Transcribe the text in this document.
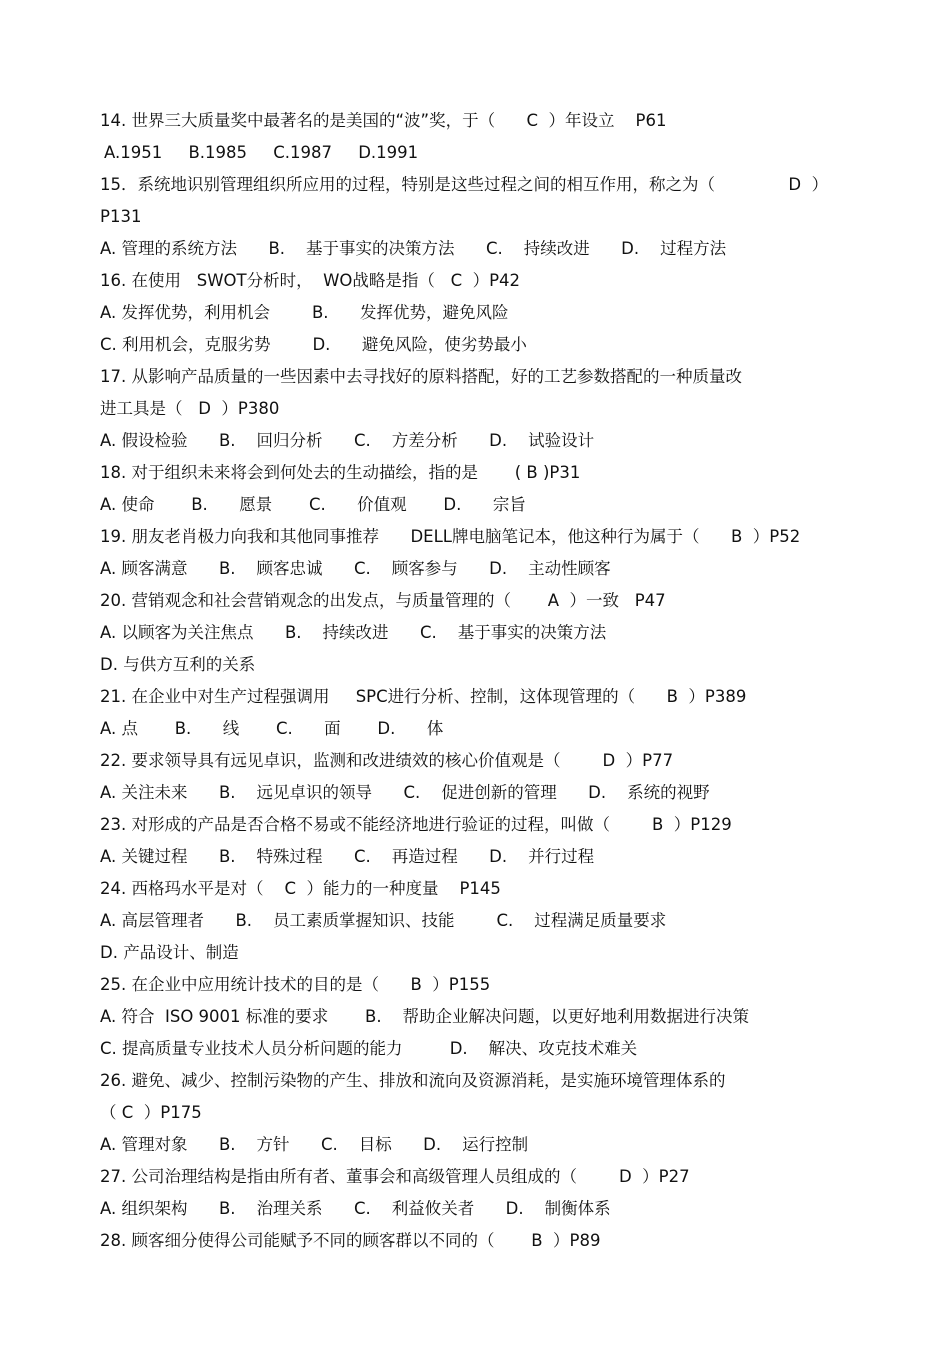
14. 世界三大质量奖中最著名的是美国的“波”奖，于（      C  ）年设立    P61
A.1951     B.1985     C.1987     D.1991
15．系统地识别管理组织所应用的过程，特别是这些过程之间的相互作用，称之为（              D  ）
P131
A. 管理的系统方法      B.    基于事实的决策方法      C.    持续改进      D.    过程方法
16. 在使用   SWOT分析时，  WO战略是指（   C  ）P42
A. 发挥优势，利用机会        B.      发挥优势，避免风险
C. 利用机会，克服劣势        D.      避免风险，使劣势最小
17. 从影响产品质量的一些因素中去寻找好的原料搭配，好的工艺参数搭配的一种质量改
进工具是（   D  ）P380
A. 假设检验      B.    回归分析      C.    方差分析      D.    试验设计
18. 对于组织未来将会到何处去的生动描绘，指的是       ( B )P31
A. 使命       B.      愿景       C.      价值观       D.      宗旨
19. 朋友老肖极力向我和其他同事推荐      DELL牌电脑笔记本，他这种行为属于（      B  ）P52
A. 顾客满意      B.    顾客忠诚      C.    顾客参与      D.    主动性顾客
20. 营销观念和社会营销观念的出发点，与质量管理的（       A  ）一致   P47
A. 以顾客为关注焦点      B.    持续改进      C.    基于事实的决策方法
D. 与供方互利的关系
21. 在企业中对生产过程强调用     SPC进行分析、控制，这体现管理的（      B  ）P389
A. 点       B.      线       C.      面       D.      体
22. 要求领导具有远见卓识，监测和改进绩效的核心价值观是（        D  ）P77
A. 关注未来      B.    远见卓识的领导      C.    促进创新的管理      D.    系统的视野
23. 对形成的产品是否合格不易或不能经济地进行验证的过程，叫做（        B  ）P129
A. 关键过程      B.    特殊过程      C.    再造过程      D.    并行过程
24. 西格玛水平是对（    C  ）能力的一种度量    P145
A. 高层管理者      B.    员工素质掌握知识、技能        C.    过程满足质量要求
D. 产品设计、制造
25. 在企业中应用统计技术的目的是（      B  ）P155
A. 符合  ISO 9001 标准的要求       B.    帮助企业解决问题，以更好地利用数据进行决策
C. 提高质量专业技术人员分析问题的能力         D.    解决、攻克技术难关
26. 避免、减少、控制污染物的产生、排放和流向及资源消耗，是实施环境管理体系的
（ C  ）P175
A. 管理对象      B.    方针      C.    目标      D.    运行控制
27. 公司治理结构是指由所有者、董事会和高级管理人员组成的（        D  ）P27
A. 组织架构      B.    治理关系      C.    利益攸关者      D.    制衡体系
28. 顾客细分使得公司能赋予不同的顾客群以不同的（       B  ）P89
